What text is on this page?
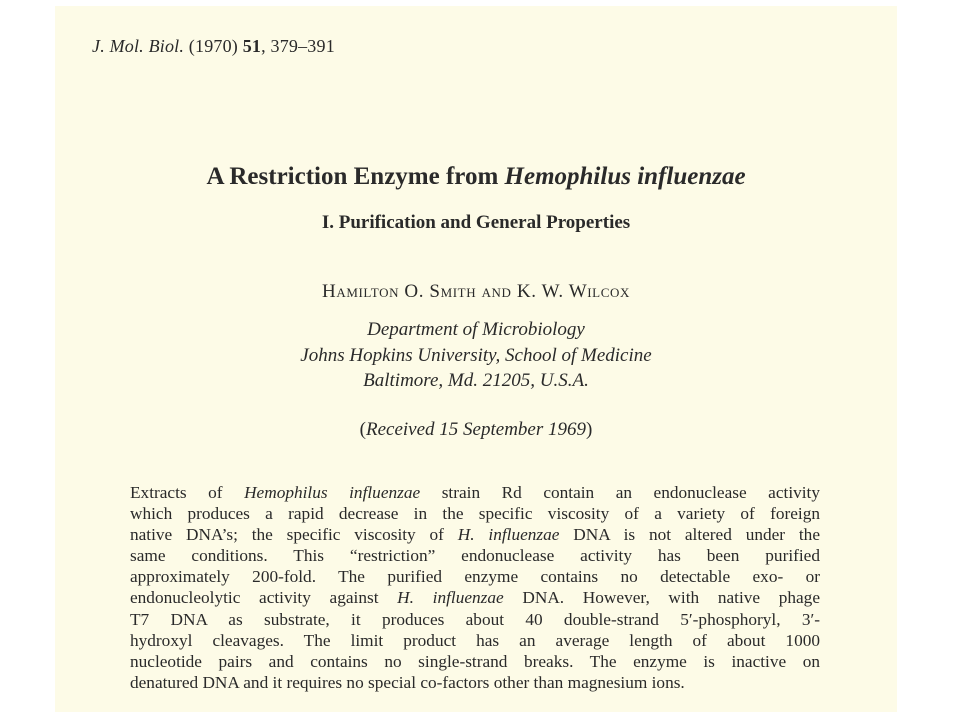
J. Mol. Biol. (1970) 51, 379–391
A Restriction Enzyme from Hemophilus influenzae
I. Purification and General Properties
Hamilton O. Smith and K. W. Wilcox
Department of Microbiology
Johns Hopkins University, School of Medicine
Baltimore, Md. 21205, U.S.A.
(Received 15 September 1969)
Extracts of Hemophilus influenzae strain Rd contain an endonuclease activity
which produces a rapid decrease in the specific viscosity of a variety of foreign
native DNA’s; the specific viscosity of H. influenzae DNA is not altered under the
same conditions. This “restriction” endonuclease activity has been purified
approximately 200-fold. The purified enzyme contains no detectable exo- or
endonucleolytic activity against H. influenzae DNA. However, with native phage
T7 DNA as substrate, it produces about 40 double-strand 5′-phosphoryl, 3′-
hydroxyl cleavages. The limit product has an average length of about 1000
nucleotide pairs and contains no single-strand breaks. The enzyme is inactive on
denatured DNA and it requires no special co-factors other than magnesium ions.
